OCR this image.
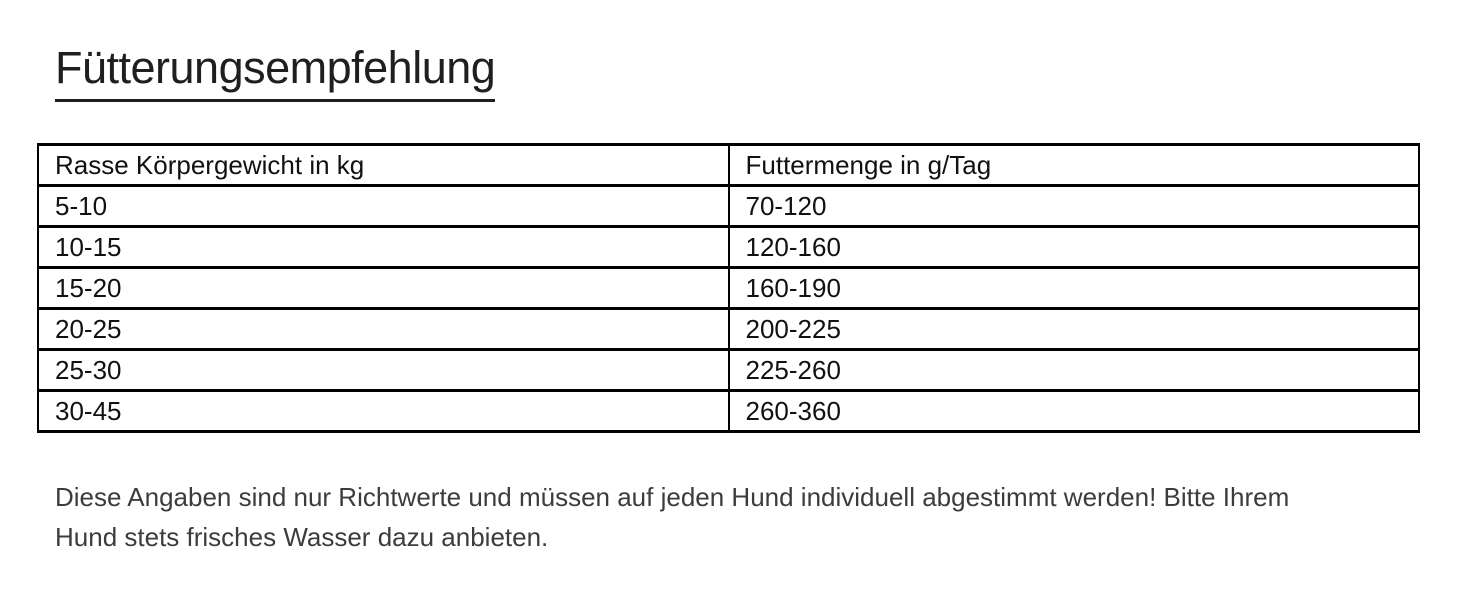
Fütterungsempfehlung
Rasse Körpergewicht in kg	Futtermenge in g/Tag
5-10	70-120
10-15	120-160
15-20	160-190
20-25	200-225
25-30	225-260
30-45	260-360

Diese Angaben sind nur Richtwerte und müssen auf jeden Hund individuell abgestimmt werden! Bitte Ihrem
Hund stets frisches Wasser dazu anbieten.
